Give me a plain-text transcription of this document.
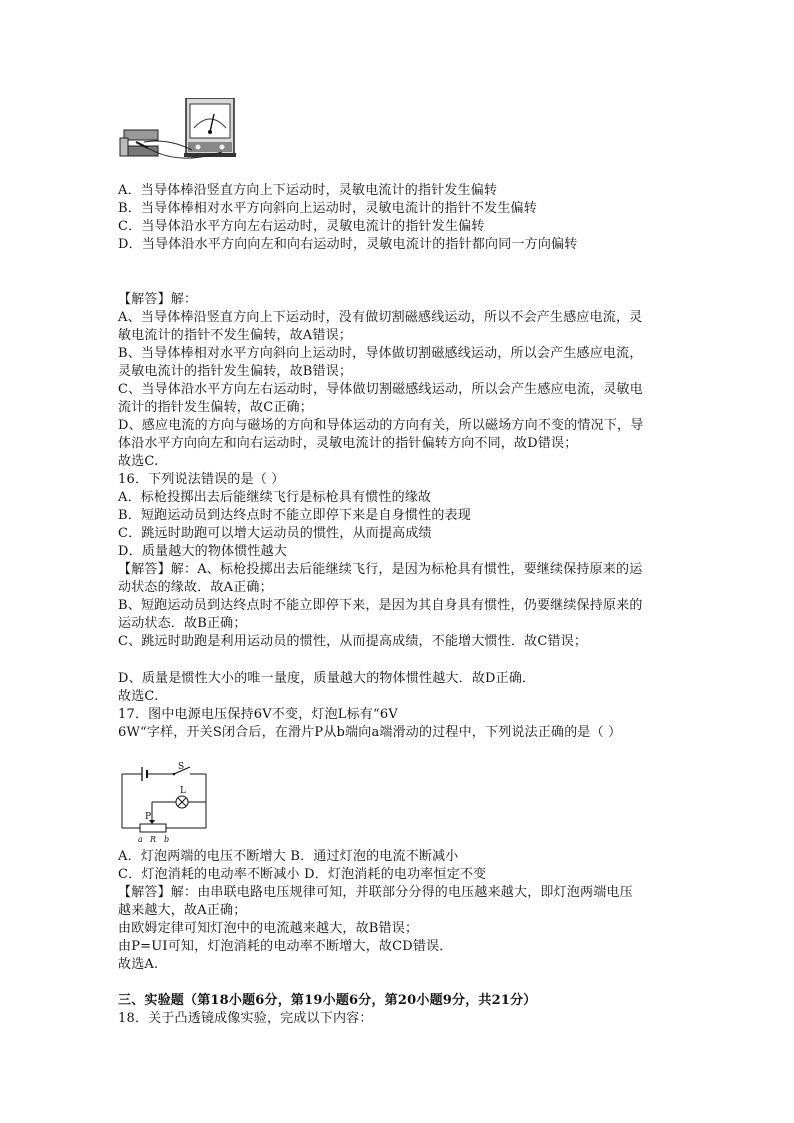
A．当导体棒沿竖直方向上下运动时，灵敏电流计的指针发生偏转
B．当导体棒相对水平方向斜向上运动时，灵敏电流计的指针不发生偏转
C．当导体沿水平方向左右运动时，灵敏电流计的指针发生偏转
D．当导体沿水平方向向左和向右运动时，灵敏电流计的指针都向同一方向偏转
【解答】解：
A、当导体棒沿竖直方向上下运动时，没有做切割磁感线运动，所以不会产生感应电流，灵
敏电流计的指针不发生偏转，故A错误；
B、当导体棒相对水平方向斜向上运动时，导体做切割磁感线运动，所以会产生感应电流，
灵敏电流计的指针发生偏转，故B错误；
C、当导体沿水平方向左右运动时，导体做切割磁感线运动，所以会产生感应电流，灵敏电
流计的指针发生偏转，故C正确；
D、感应电流的方向与磁场的方向和导体运动的方向有关，所以磁场方向不变的情况下，导
体沿水平方向向左和向右运动时，灵敏电流计的指针偏转方向不同，故D错误；
故选C.
16．下列说法错误的是（ ）
A．标枪投掷出去后能继续飞行是标枪具有惯性的缘故
B．短跑运动员到达终点时不能立即停下来是自身惯性的表现
C．跳远时助跑可以增大运动员的惯性，从而提高成绩
D．质量越大的物体惯性越大
【解答】解：A、标枪投掷出去后能继续飞行，是因为标枪具有惯性，要继续保持原来的运
动状态的缘故．故A正确；
B、短跑运动员到达终点时不能立即停下来，是因为其自身具有惯性，仍要继续保持原来的
运动状态．故B正确；
C、跳远时助跑是利用运动员的惯性，从而提高成绩，不能增大惯性．故C错误；
D、质量是惯性大小的唯一量度，质量越大的物体惯性越大．故D正确．
故选C.
17．图中电源电压保持6V不变，灯泡L标有“6V
6W“字样，开关S闭合后，在滑片P从b端向a端滑动的过程中，下列说法正确的是（ ）
S
L
P
a R b
A．灯泡两端的电压不断增大 B．通过灯泡的电流不断减小
C．灯泡消耗的电动率不断减小 D．灯泡消耗的电功率恒定不变
【解答】解：由串联电路电压规律可知，并联部分分得的电压越来越大，即灯泡两端电压
越来越大，故A正确；
由欧姆定律可知灯泡中的电流越来越大，故B错误；
由P=UI可知，灯泡消耗的电动率不断增大，故CD错误．
故选A.
三、实验题（第18小题6分，第19小题6分，第20小题9分，共21分）
18．关于凸透镜成像实验，完成以下内容：
